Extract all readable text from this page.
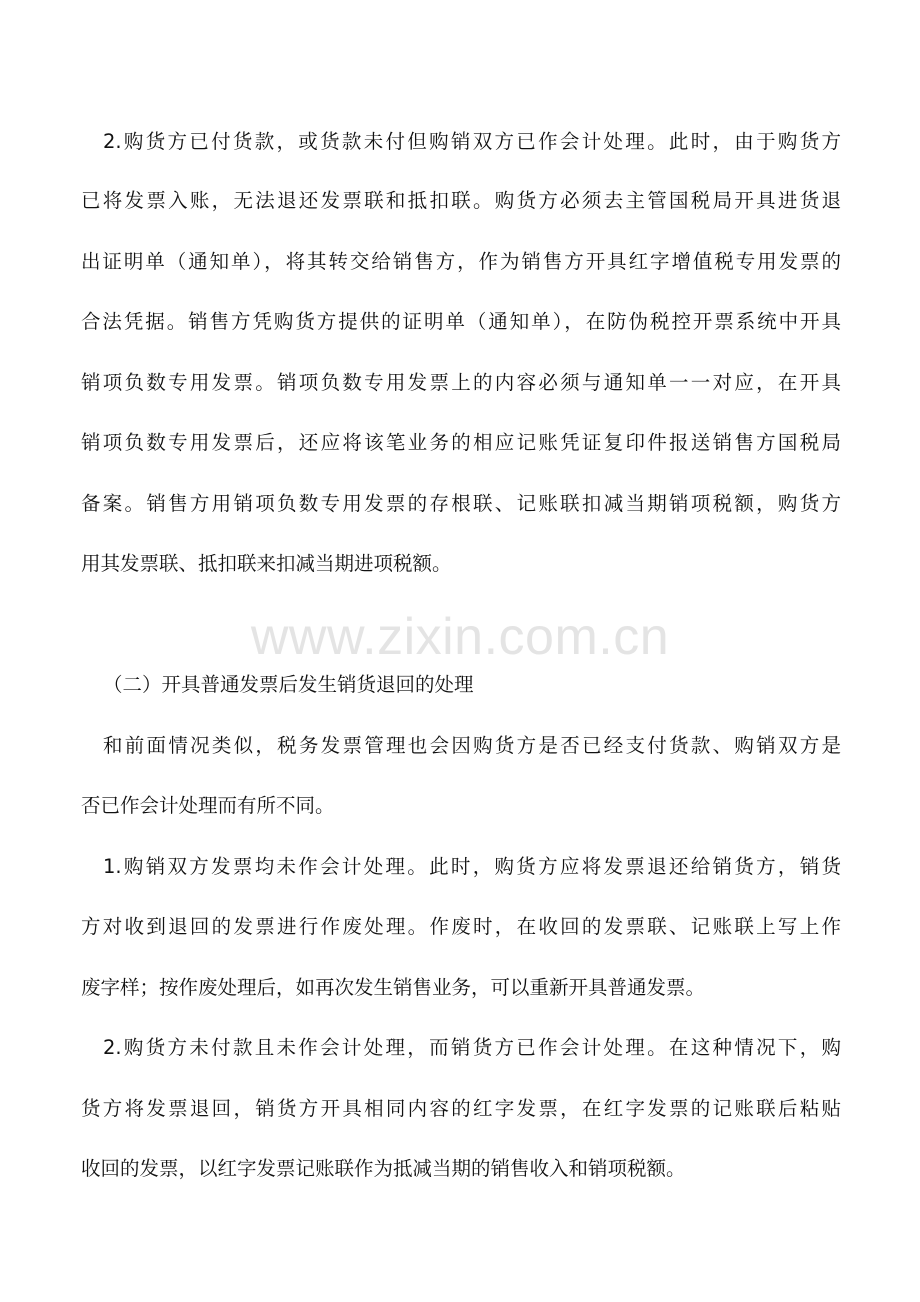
2.购货方已付货款，或货款未付但购销双方已作会计处理。此时，由于购货方
已将发票入账，无法退还发票联和抵扣联。购货方必须去主管国税局开具进货退
出证明单（通知单），将其转交给销售方，作为销售方开具红字增值税专用发票的
合法凭据。销售方凭购货方提供的证明单（通知单），在防伪税控开票系统中开具
销项负数专用发票。销项负数专用发票上的内容必须与通知单一一对应，在开具
销项负数专用发票后，还应将该笔业务的相应记账凭证复印件报送销售方国税局
备案。销售方用销项负数专用发票的存根联、记账联扣减当期销项税额，购货方
用其发票联、抵扣联来扣减当期进项税额。
www.zixin.com.cn
（二）开具普通发票后发生销货退回的处理
和前面情况类似，税务发票管理也会因购货方是否已经支付货款、购销双方是
否已作会计处理而有所不同。
1.购销双方发票均未作会计处理。此时，购货方应将发票退还给销货方，销货
方对收到退回的发票进行作废处理。作废时，在收回的发票联、记账联上写上作
废字样；按作废处理后，如再次发生销售业务，可以重新开具普通发票。
2.购货方未付款且未作会计处理，而销货方已作会计处理。在这种情况下，购
货方将发票退回，销货方开具相同内容的红字发票，在红字发票的记账联后粘贴
收回的发票，以红字发票记账联作为抵减当期的销售收入和销项税额。
